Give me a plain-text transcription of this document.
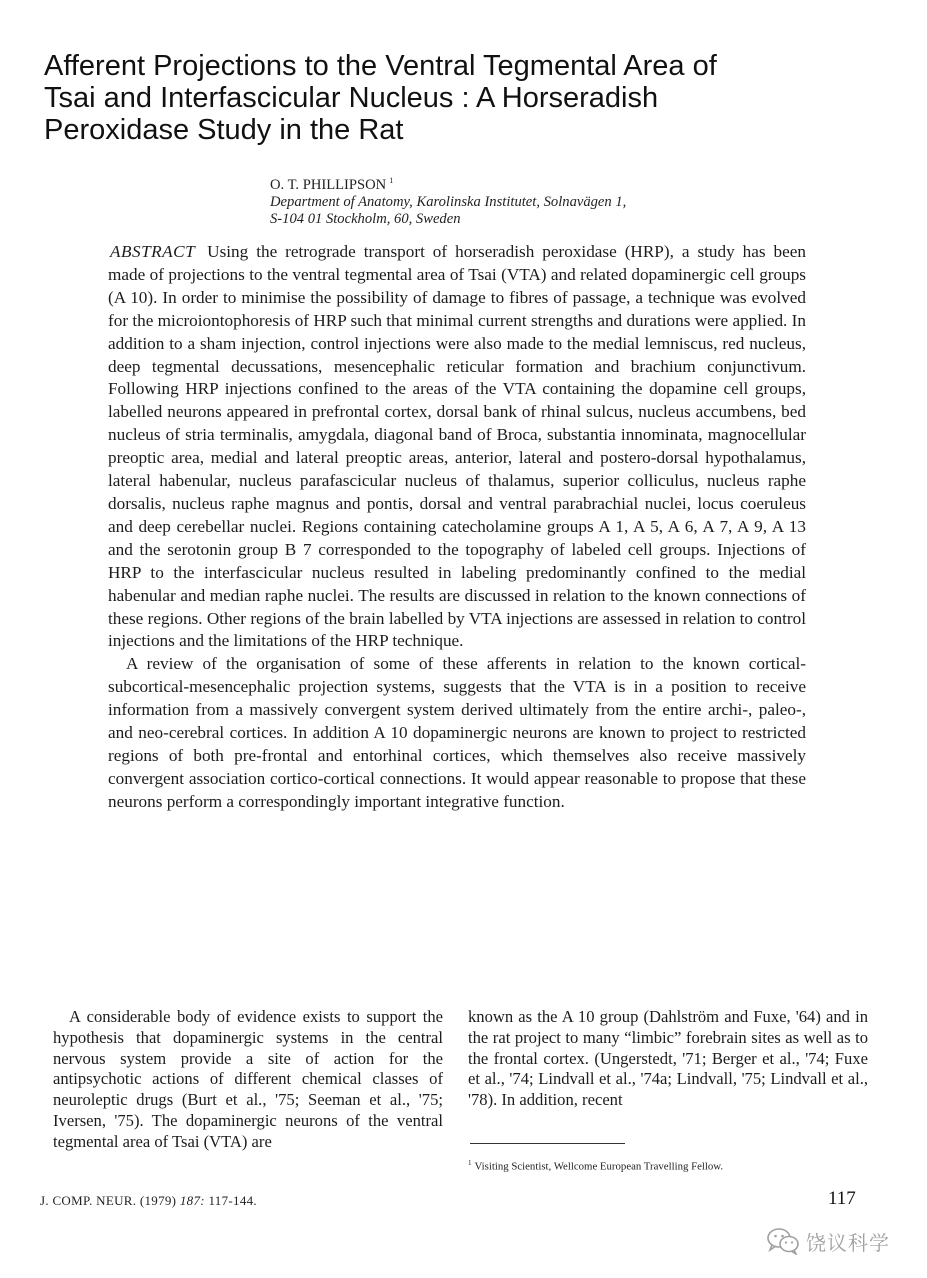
Afferent Projections to the Ventral Tegmental Area of
Tsai and Interfascicular Nucleus : A Horseradish
Peroxidase Study in the Rat
O. T. PHILLIPSON $^1$
Department of Anatomy, Karolinska Institutet, Solnavägen 1,
S-104 01 Stockholm, 60, Sweden

ABSTRACT Using the retrograde transport of horseradish peroxidase (HRP), a study has been made of projections to the ventral tegmental area of Tsai (VTA) and related dopaminergic cell groups (A 10). In order to minimise the possibility of damage to fibres of passage, a technique was evolved for the microiontophoresis of HRP such that minimal current strengths and durations were applied. In addition to a sham injection, control injections were also made to the medial lemniscus, red nucleus, deep tegmental decussations, mesencephalic reticular formation and brachium conjunctivum. Following HRP injections confined to the areas of the VTA containing the dopamine cell groups, labelled neurons appeared in prefrontal cortex, dorsal bank of rhinal sulcus, nucleus accumbens, bed nucleus of stria terminalis, amygdala, diagonal band of Broca, substantia innominata, magnocellular preoptic area, medial and lateral preoptic areas, anterior, lateral and postero-dorsal hypothalamus, lateral habenular, nucleus parafascicular nucleus of thalamus, superior colliculus, nucleus raphe dorsalis, nucleus raphe magnus and pontis, dorsal and ventral parabrachial nuclei, locus coeruleus and deep cerebellar nuclei. Regions containing catecholamine groups A 1, A 5, A 6, A 7, A 9, A 13 and the serotonin group B 7 corresponded to the topography of labeled cell groups. Injections of HRP to the interfascicular nucleus resulted in labeling predominantly confined to the medial habenular and median raphe nuclei. The results are discussed in relation to the known connections of these regions. Other regions of the brain labelled by VTA injections are assessed in relation to control injections and the limitations of the HRP technique.

A review of the organisation of some of these afferents in relation to the known cortical-subcortical-mesencephalic projection systems, suggests that the VTA is in a position to receive information from a massively convergent system derived ultimately from the entire archi-, paleo-, and neo-cerebral cortices. In addition A 10 dopaminergic neurons are known to project to restricted regions of both pre-frontal and entorhinal cortices, which themselves also receive massively convergent association cortico-cortical connections. It would appear reasonable to propose that these neurons perform a correspondingly important integrative function.

A considerable body of evidence exists to support the hypothesis that dopaminergic systems in the central nervous system provide a site of action for the antipsychotic actions of different chemical classes of neuroleptic drugs (Burt et al., '75; Seeman et al., '75; Iversen, '75). The dopaminergic neurons of the ventral tegmental area of Tsai (VTA) are
known as the A 10 group (Dahlström and Fuxe, '64) and in the rat project to many “limbic” forebrain sites as well as to the frontal cortex. (Ungerstedt, '71; Berger et al., '74; Fuxe et al., '74; Lindvall et al., '74a; Lindvall, '75; Lindvall et al., '78). In addition, recent
$^1$ Visiting Scientist, Wellcome European Travelling Fellow.
J. COMP. NEUR. (1979) 187: 117-144.	117
饶议科学
